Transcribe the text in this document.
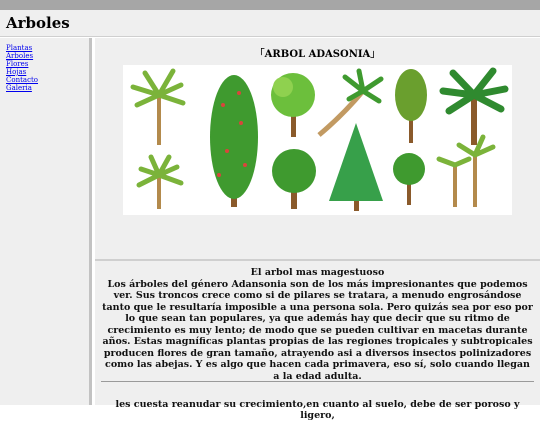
Arboles
Plantas
Arboles
Flores
Hojas
Contacto
Galeria
「ARBOL ADASONIA」

El arbol mas magestuoso

Los árboles del género Adansonia son de los más impresionantes que podemos ver. Sus troncos crece como si de pilares se tratara, a menudo engrosándose tanto que le resultaría imposible a una persona sola. Pero quizás sea por eso por lo que sean tan populares, ya que además hay que decir que su ritmo de crecimiento es muy lento; de modo que se pueden cultivar en macetas durante años. Estas magníficas plantas propias de las regiones tropicales y subtropicales producen flores de gran tamaño, atrayendo asi a diversos insectos polinizadores como las abejas. Y es algo que hacen cada primavera, eso sí, solo cuando llegan a la edad adulta.

les cuesta reanudar su crecimiento,en cuanto al suelo, debe de ser poroso y ligero,
